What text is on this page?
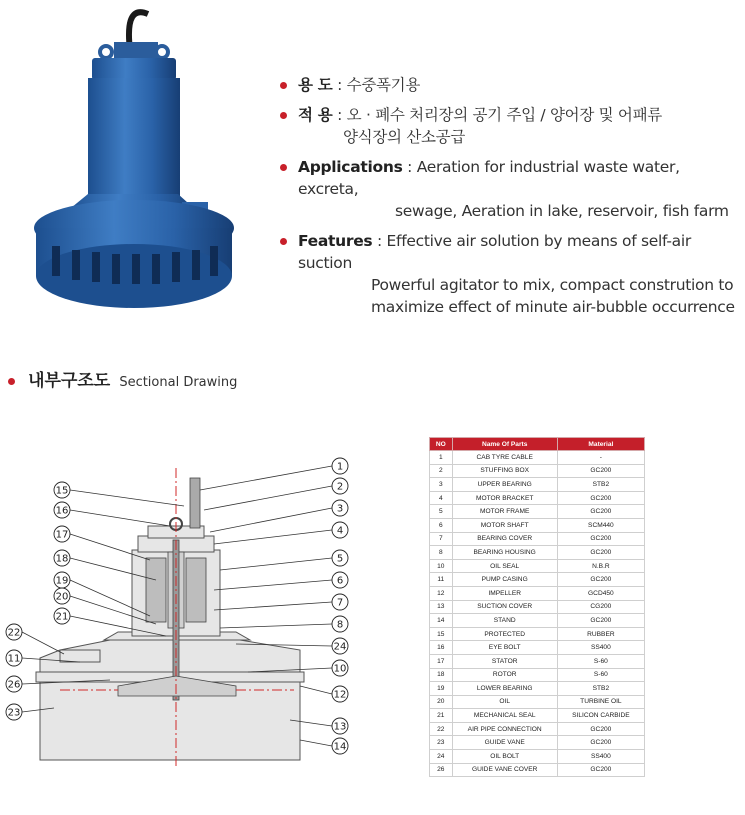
용 도 : 수중폭기용
적 용 : 오 · 폐수 처리장의 공기 주입 / 양어장 및 어패류
양식장의 산소공급
Applications : Aeration for industrial waste water, excreta,
sewage, Aeration in lake, reservoir, fish farm
Features : Effective air solution by means of self-air suction
Powerful agitator to mix, compact constrution to
maximize effect of minute air-bubble occurrence
내부구조도 Sectional Drawing
1
2
3
4
5
6
7
8
24
10
12
13
14
15
16
17
18
19
20
21
22
11
26
23
NO	Name Of Parts	Material
1	CAB TYRE CABLE	-
2	STUFFING BOX	GC200
3	UPPER BEARING	STB2
4	MOTOR BRACKET	GC200
5	MOTOR FRAME	GC200
6	MOTOR SHAFT	SCM440
7	BEARING COVER	GC200
8	BEARING HOUSING	GC200
10	OIL SEAL	N.B.R
11	PUMP CASING	GC200
12	IMPELLER	GCD450
13	SUCTION COVER	CG200
14	STAND	GC200
15	PROTECTED	RUBBER
16	EYE BOLT	SS400
17	STATOR	S-60
18	ROTOR	S-60
19	LOWER BEARING	STB2
20	OIL	TURBINE OIL
21	MECHANICAL SEAL	SILICON CARBIDE
22	AIR PIPE CONNECTION	GC200
23	GUIDE VANE	GC200
24	OIL BOLT	SS400
26	GUIDE VANE COVER	GC200
